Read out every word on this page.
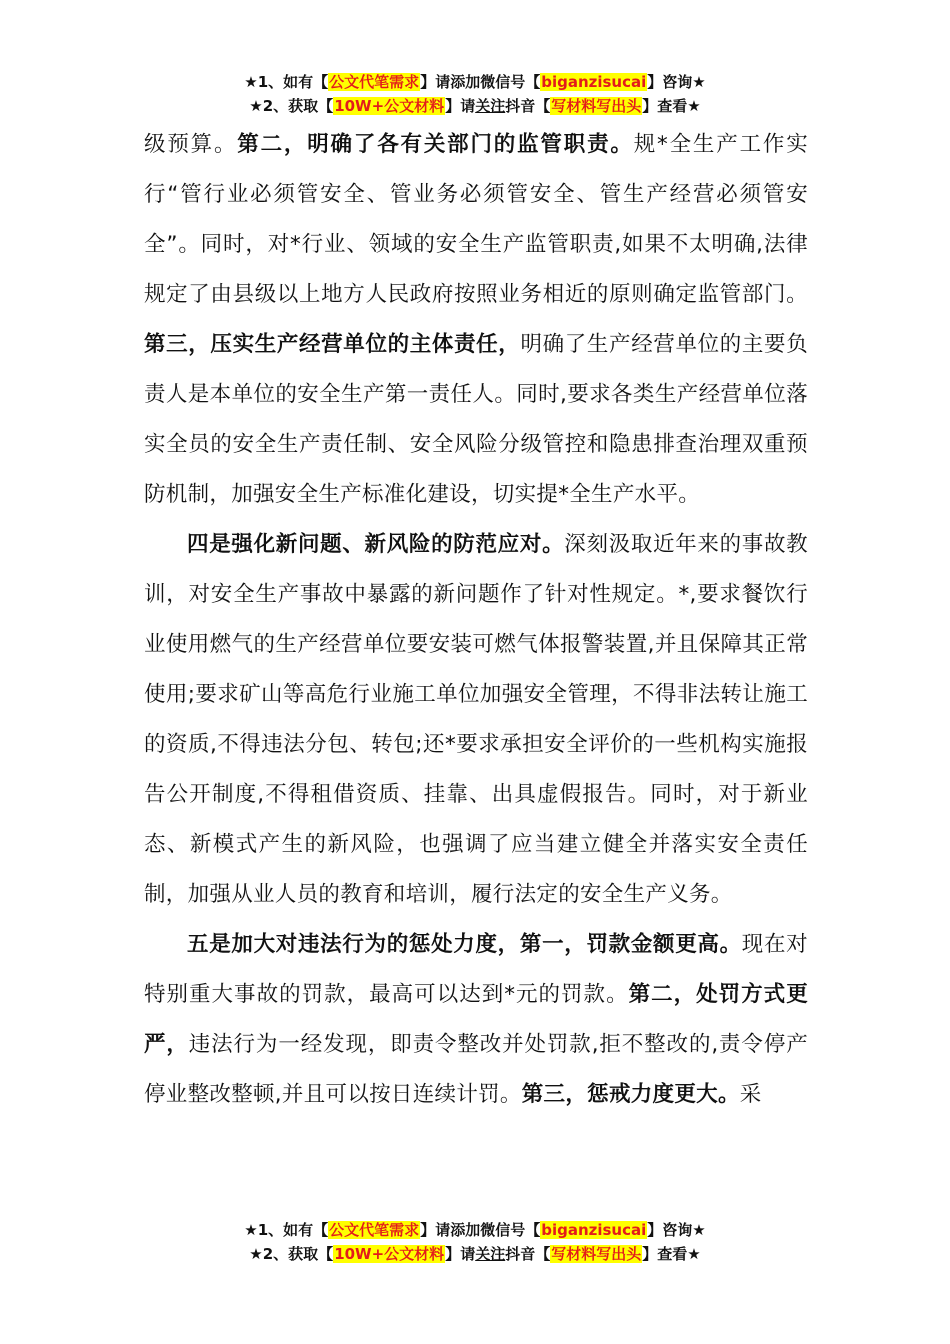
★1、如有【公文代笔需求】请添加微信号【biganzisucai】咨询★
★2、获取【10W+公文材料】请关注抖音【写材料写出头】查看★

级预算。第二，明确了各有关部门的监管职责。规*全生产工作实行“管行业必须管安全、管业务必须管安全、管生产经营必须管安全”。同时，对*行业、领域的安全生产监管职责,如果不太明确,法律规定了由县级以上地方人民政府按照业务相近的原则确定监管部门。第三，压实生产经营单位的主体责任，明确了生产经营单位的主要负责人是本单位的安全生产第一责任人。同时,要求各类生产经营单位落实全员的安全生产责任制、安全风险分级管控和隐患排查治理双重预防机制，加强安全生产标准化建设，切实提*全生产水平。

四是强化新问题、新风险的防范应对。深刻汲取近年来的事故教训，对安全生产事故中暴露的新问题作了针对性规定。*,要求餐饮行业使用燃气的生产经营单位要安装可燃气体报警装置,并且保障其正常使用;要求矿山等高危行业施工单位加强安全管理，不得非法转让施工的资质,不得违法分包、转包;还*要求承担安全评价的一些机构实施报告公开制度,不得租借资质、挂靠、出具虚假报告。同时，对于新业态、新模式产生的新风险，也强调了应当建立健全并落实安全责任制，加强从业人员的教育和培训，履行法定的安全生产义务。

五是加大对违法行为的惩处力度，第一，罚款金额更高。现在对特别重大事故的罚款，最高可以达到*元的罚款。第二，处罚方式更严，违法行为一经发现，即责令整改并处罚款,拒不整改的,责令停产停业整改整顿,并且可以按日连续计罚。第三，惩戒力度更大。采

★1、如有【公文代笔需求】请添加微信号【biganzisucai】咨询★
★2、获取【10W+公文材料】请关注抖音【写材料写出头】查看★
